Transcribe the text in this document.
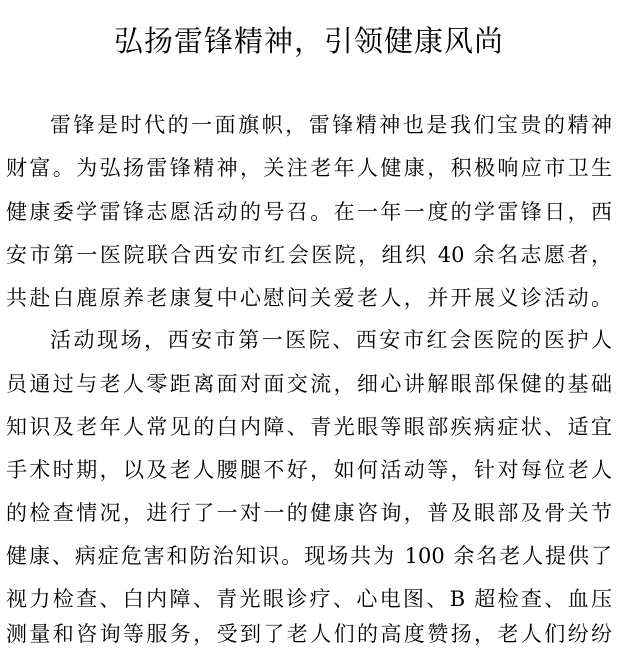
弘扬雷锋精神，引领健康风尚
雷锋是时代的一面旗帜，雷锋精神也是我们宝贵的精神
财富。为弘扬雷锋精神，关注老年人健康，积极响应市卫生
健康委学雷锋志愿活动的号召。在一年一度的学雷锋日，西
安市第一医院联合西安市红会医院，组织 40 余名志愿者，
共赴白鹿原养老康复中心慰问关爱老人，并开展义诊活动。
活动现场，西安市第一医院、西安市红会医院的医护人
员通过与老人零距离面对面交流，细心讲解眼部保健的基础
知识及老年人常见的白内障、青光眼等眼部疾病症状、适宜
手术时期，以及老人腰腿不好，如何活动等，针对每位老人
的检查情况，进行了一对一的健康咨询，普及眼部及骨关节
健康、病症危害和防治知识。现场共为 100 余名老人提供了
视力检查、白内障、青光眼诊疗、心电图、B 超检查、血压
测量和咨询等服务，受到了老人们的高度赞扬，老人们纷纷
